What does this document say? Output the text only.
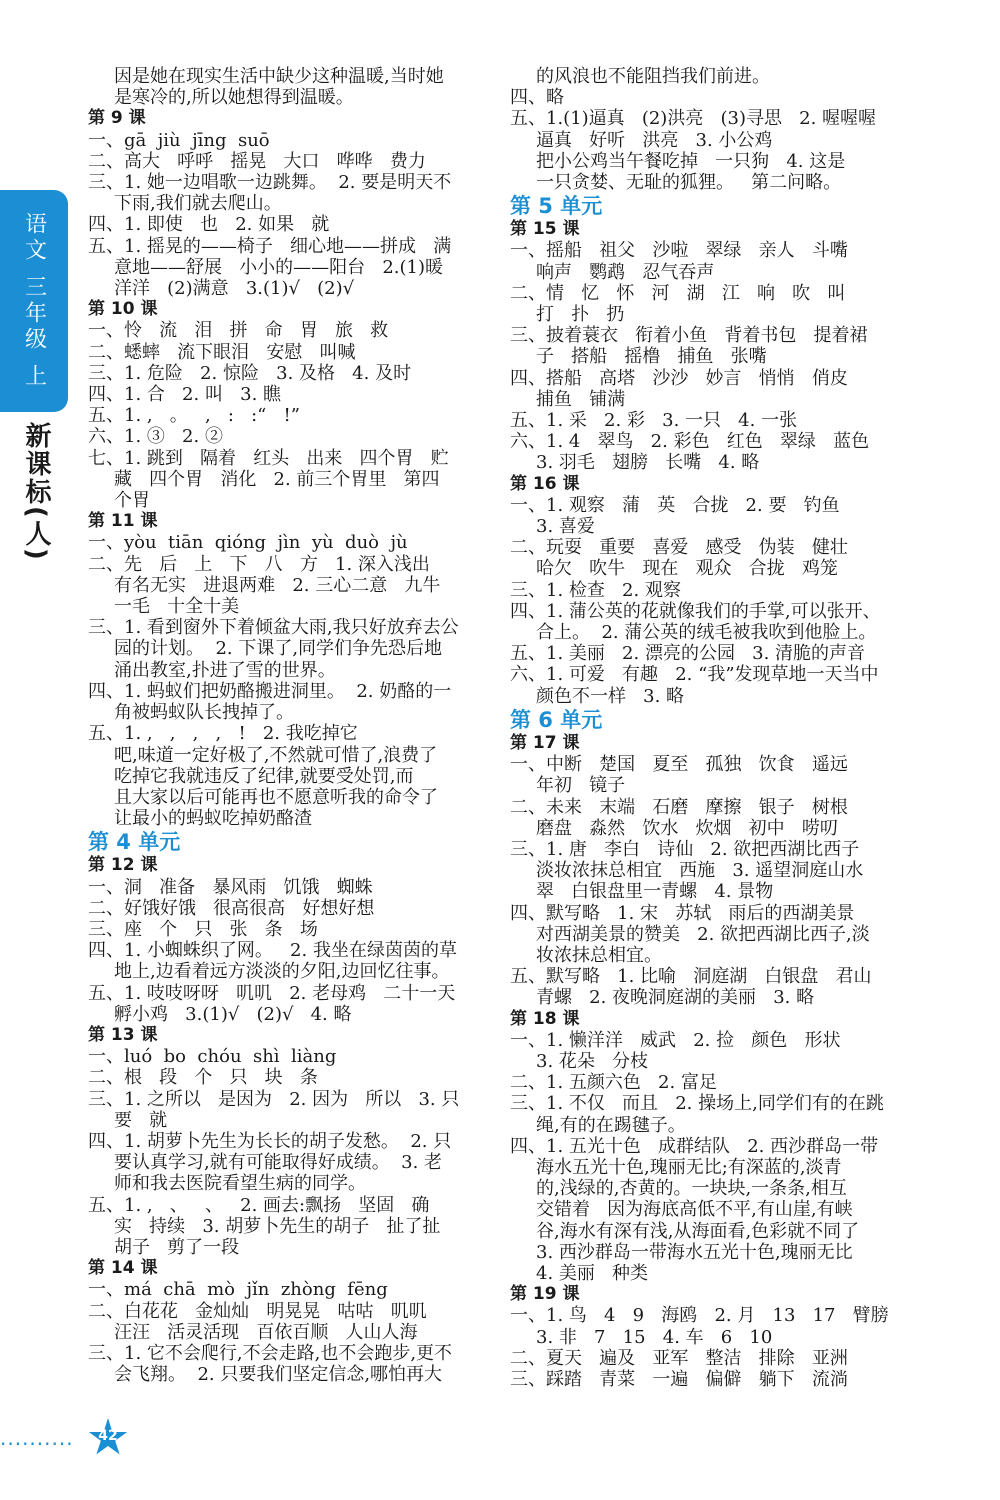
语文 三年级 上
新课标(人)
因是她在现实生活中缺少这种温暖,当时她
是寒冷的,所以她想得到温暖。
第 9 课
一、gā  jiù  jīng  suō
二、高大   呼呼   摇晃   大口   哗哗   费力
三、1. 她一边唱歌一边跳舞。  2. 要是明天不
下雨,我们就去爬山。
四、1. 即使   也   2. 如果   就
五、1. 摇晃的——椅子   细心地——拼成   满
意地——舒展   小小的——阳台   2.(1)暖
洋洋   (2)满意   3.(1)√   (2)√
第 10 课
一、怜   流   泪   拼   命   胃   旅   救
二、蟋蟀   流下眼泪   安慰   叫喊
三、1. 危险   2. 惊险   3. 及格   4. 及时
四、1. 合   2. 叫   3. 瞧
五、1. ,   。   ,   :   :“   !”
六、1. ③   2. ②
七、1. 跳到   隔着   红头   出来   四个胃   贮
藏   四个胃   消化   2. 前三个胃里   第四
个胃
第 11 课
一、yòu  tiān  qióng  jìn  yù  duò  jù
二、先   后   上   下   八   方   1. 深入浅出
有名无实   进退两难   2. 三心二意   九牛
一毛   十全十美
三、1. 看到窗外下着倾盆大雨,我只好放弃去公
园的计划。  2. 下课了,同学们争先恐后地
涌出教室,扑进了雪的世界。
四、1. 蚂蚁们把奶酪搬进洞里。  2. 奶酪的一
角被蚂蚁队长拽掉了。
五、1. ,   ,   ,   ,   !   2. 我吃掉它
吧,味道一定好极了,不然就可惜了,浪费了
吃掉它我就违反了纪律,就要受处罚,而
且大家以后可能再也不愿意听我的命令了
让最小的蚂蚁吃掉奶酪渣
第 4 单元
第 12 课
一、洞   准备   暴风雨   饥饿   蜘蛛
二、好饿好饿   很高很高   好想好想
三、座   个   只   张   条   场
四、1. 小蜘蛛织了网。   2. 我坐在绿茵茵的草
地上,边看着远方淡淡的夕阳,边回忆往事。
五、1. 吱吱呀呀   叽叽   2. 老母鸡   二十一天
孵小鸡   3.(1)√   (2)√   4. 略
第 13 课
一、luó  bo  chóu  shì  liàng
二、根   段   个   只   块   条
三、1. 之所以   是因为   2. 因为   所以   3. 只
要   就
四、1. 胡萝卜先生为长长的胡子发愁。  2. 只
要认真学习,就有可能取得好成绩。  3. 老
师和我去医院看望生病的同学。
五、1. ,   、   、   2. 画去:飘扬   坚固   确
实   持续   3. 胡萝卜先生的胡子   扯了扯
胡子   剪了一段
第 14 课
一、má  chā  mò  jǐn  zhòng  fēng
二、白花花   金灿灿   明晃晃   咕咕   叽叽
汪汪   活灵活现   百依百顺   人山人海
三、1. 它不会爬行,不会走路,也不会跑步,更不
会飞翔。  2. 只要我们坚定信念,哪怕再大
的风浪也不能阻挡我们前进。
四、略
五、1.(1)逼真   (2)洪亮   (3)寻思   2. 喔喔喔
逼真   好听   洪亮   3. 小公鸡
把小公鸡当午餐吃掉   一只狗   4. 这是
一只贪婪、无耻的狐狸。   第二问略。
第 5 单元
第 15 课
一、摇船   祖父   沙啦   翠绿   亲人   斗嘴
响声   鹦鹉   忍气吞声
二、情   忆   怀   河   湖   江   响   吹   叫
打   扑   扔
三、披着蓑衣   衔着小鱼   背着书包   提着裙
子   搭船   摇橹   捕鱼   张嘴
四、搭船   高塔   沙沙   妙言   悄悄   俏皮
捕鱼   铺满
五、1. 采   2. 彩   3. 一只   4. 一张
六、1. 4   翠鸟   2. 彩色   红色   翠绿   蓝色
3. 羽毛   翅膀   长嘴   4. 略
第 16 课
一、1. 观察   蒲   英   合拢   2. 要   钓鱼
3. 喜爱
二、玩耍   重要   喜爱   感受   伪装   健壮
哈欠   吹牛   现在   观众   合拢   鸡笼
三、1. 检查   2. 观察
四、1. 蒲公英的花就像我们的手掌,可以张开、
合上。  2. 蒲公英的绒毛被我吹到他脸上。
五、1. 美丽   2. 漂亮的公园   3. 清脆的声音
六、1. 可爱   有趣   2. “我”发现草地一天当中
颜色不一样   3. 略
第 6 单元
第 17 课
一、中断   楚国   夏至   孤独   饮食   遥远
年初   镜子
二、未来   末端   石磨   摩擦   银子   树根
磨盘   淼然   饮水   炊烟   初中   唠叨
三、1. 唐   李白   诗仙   2. 欲把西湖比西子
淡妆浓抹总相宜   西施   3. 遥望洞庭山水
翠   白银盘里一青螺   4. 景物
四、默写略   1. 宋   苏轼   雨后的西湖美景
对西湖美景的赞美   2. 欲把西湖比西子,淡
妆浓抹总相宜。
五、默写略   1. 比喻   洞庭湖   白银盘   君山
青螺   2. 夜晚洞庭湖的美丽   3. 略
第 18 课
一、1. 懒洋洋   威武   2. 捡   颜色   形状
3. 花朵   分枝
二、1. 五颜六色   2. 富足
三、1. 不仅   而且   2. 操场上,同学们有的在跳
绳,有的在踢毽子。
四、1. 五光十色   成群结队   2. 西沙群岛一带
海水五光十色,瑰丽无比;有深蓝的,淡青
的,浅绿的,杏黄的。一块块,一条条,相互
交错着   因为海底高低不平,有山崖,有峡
谷,海水有深有浅,从海面看,色彩就不同了
3. 西沙群岛一带海水五光十色,瑰丽无比
4. 美丽   种类
第 19 课
一、1. 鸟   4   9   海鸥   2. 月   13   17   臂膀
3. 非   7   15   4. 车   6   10
二、夏天   遍及   亚军   整洁   排除   亚洲
三、踩踏   青菜   一遍   偏僻   躺下   流淌
··········	42
